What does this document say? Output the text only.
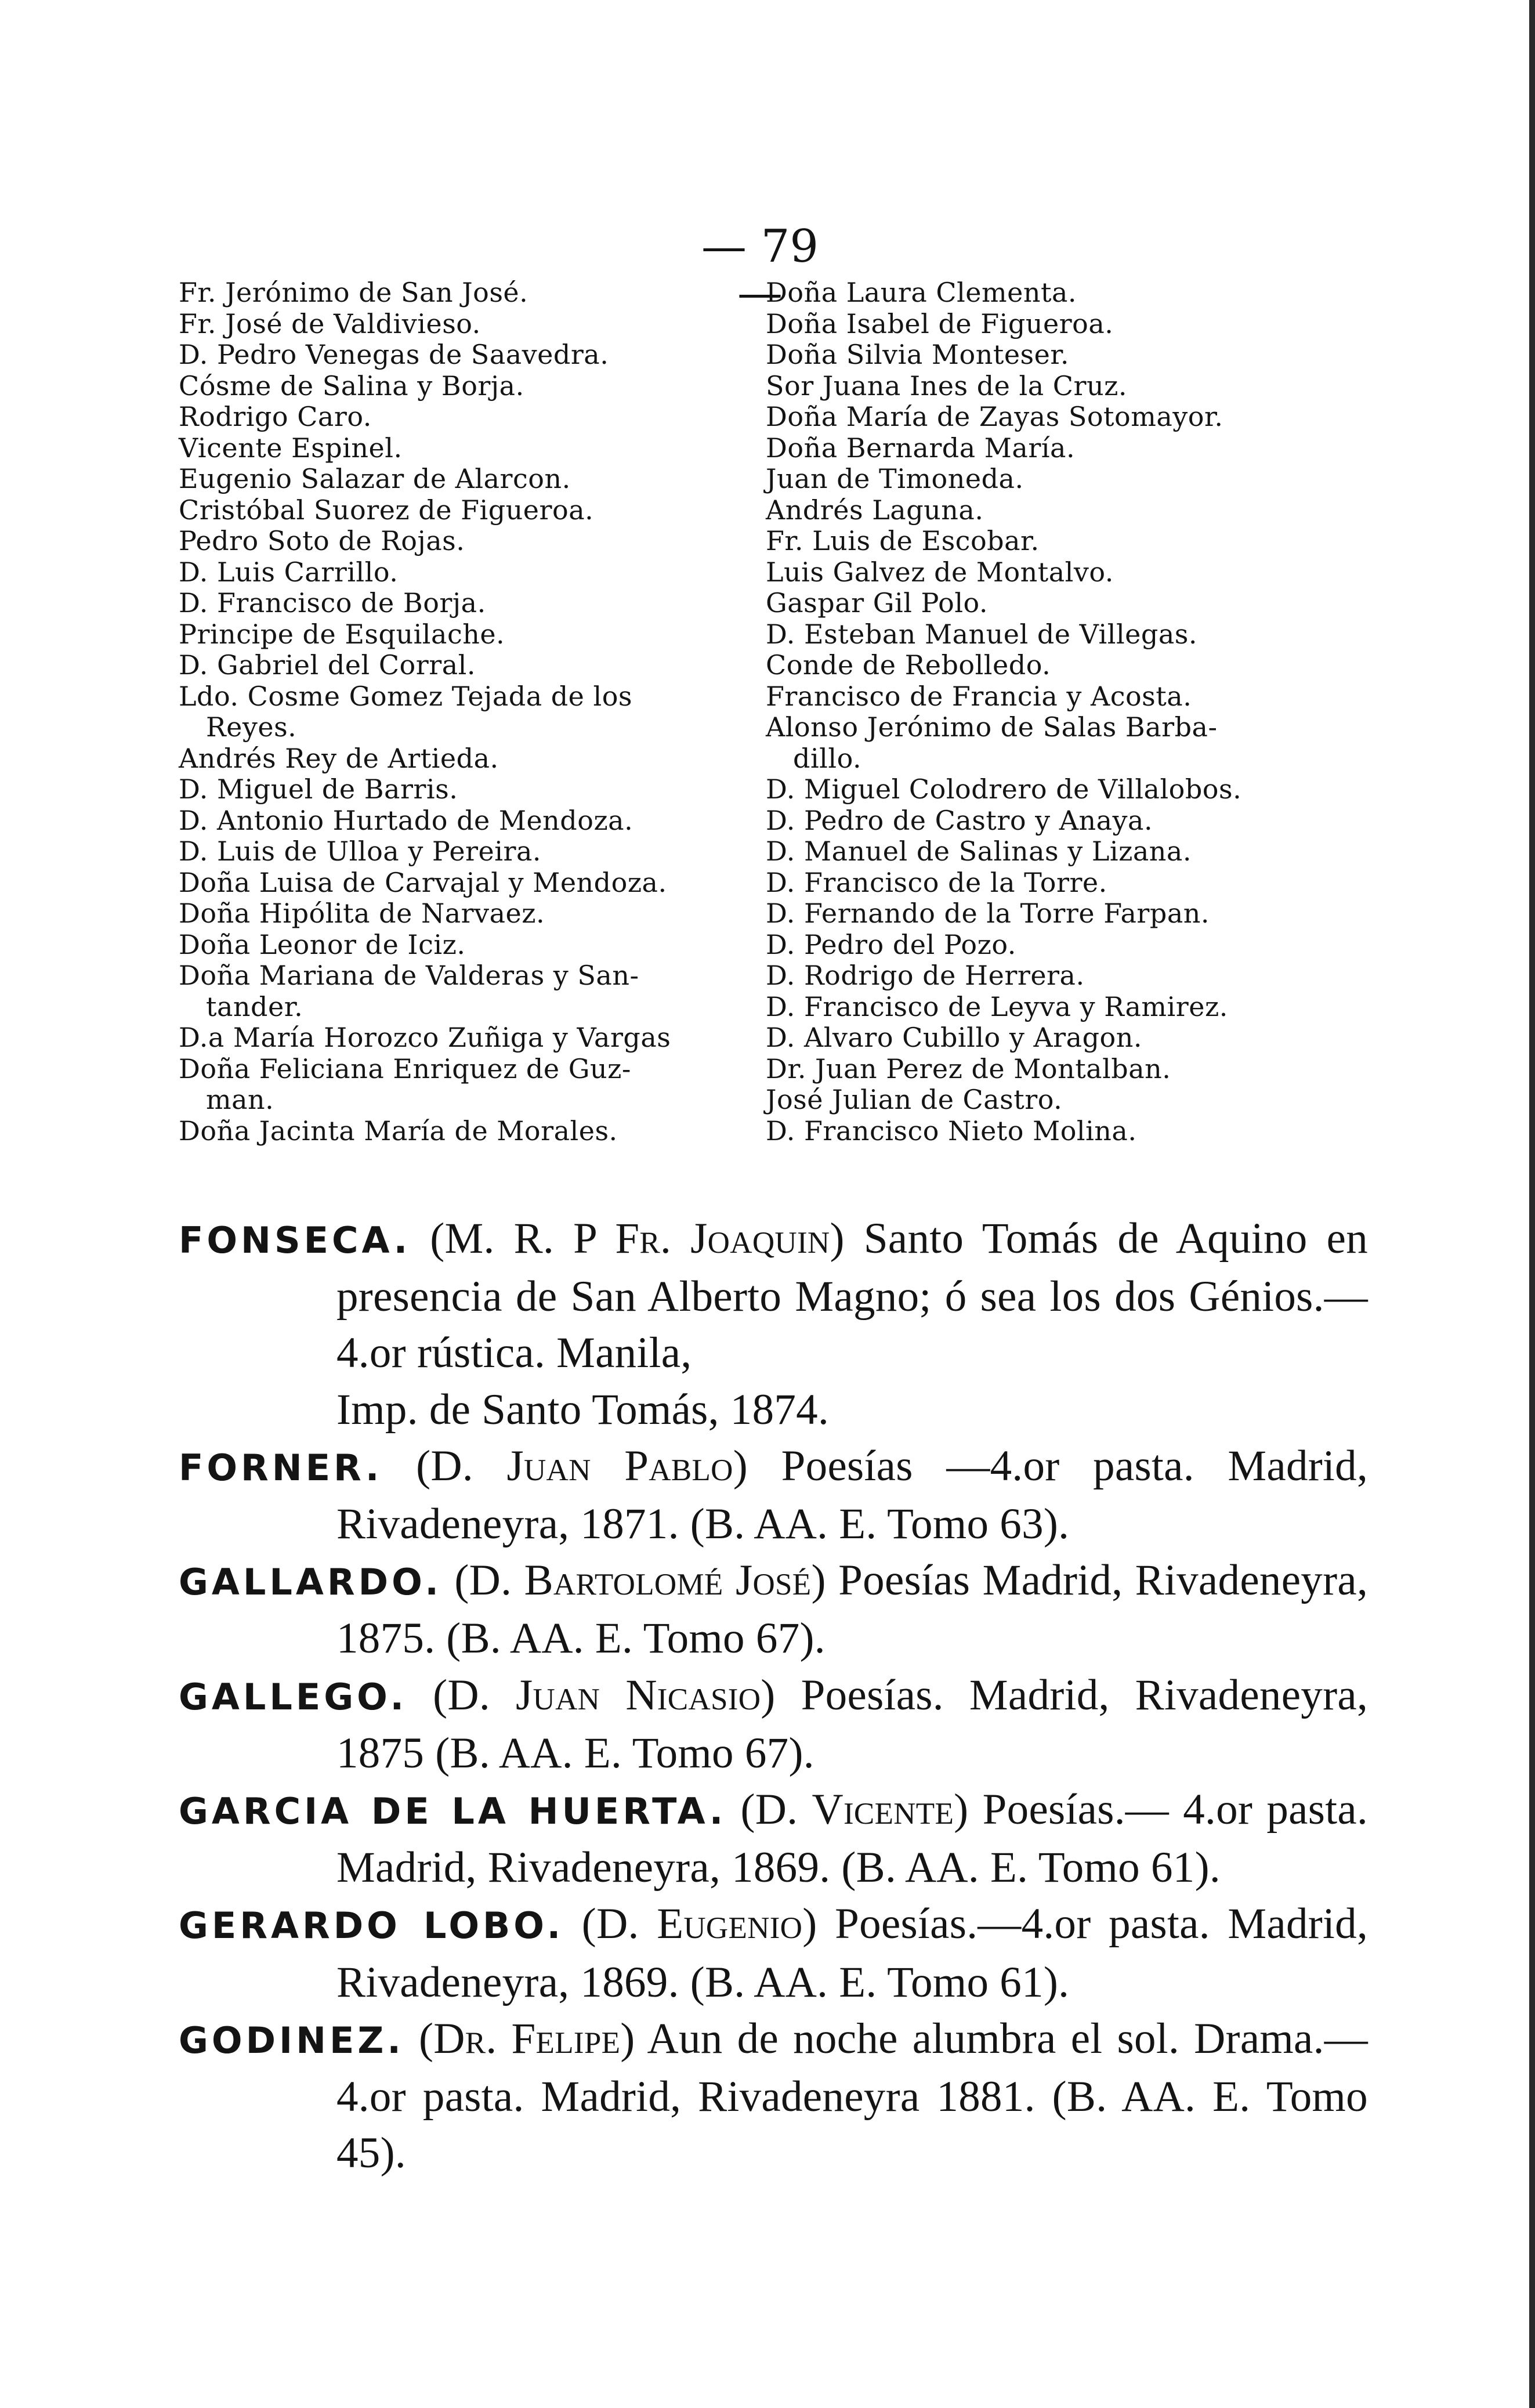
— 79 —
Fr. Jerónimo de San José.
Fr. José de Valdivieso.
D. Pedro Venegas de Saavedra.
Cósme de Salina y Borja.
Rodrigo Caro.
Vicente Espinel.
Eugenio Salazar de Alarcon.
Cristóbal Suorez de Figueroa.
Pedro Soto de Rojas.
D. Luis Carrillo.
D. Francisco de Borja.
Principe de Esquilache.
D. Gabriel del Corral.
Ldo. Cosme Gomez Tejada de los
Reyes.
Andrés Rey de Artieda.
D. Miguel de Barris.
D. Antonio Hurtado de Mendoza.
D. Luis de Ulloa y Pereira.
Doña Luisa de Carvajal y Mendoza.
Doña Hipólita de Narvaez.
Doña Leonor de Iciz.
Doña Mariana de Valderas y San-
tander.
D.a María Horozco Zuñiga y Vargas
Doña Feliciana Enriquez de Guz-
man.
Doña Jacinta María de Morales.
Doña Laura Clementa.
Doña Isabel de Figueroa.
Doña Silvia Monteser.
Sor Juana Ines de la Cruz.
Doña María de Zayas Sotomayor.
Doña Bernarda María.
Juan de Timoneda.
Andrés Laguna.
Fr. Luis de Escobar.
Luis Galvez de Montalvo.
Gaspar Gil Polo.
D. Esteban Manuel de Villegas.
Conde de Rebolledo.
Francisco de Francia y Acosta.
Alonso Jerónimo de Salas Barba-
dillo.
D. Miguel Colodrero de Villalobos.
D. Pedro de Castro y Anaya.
D. Manuel de Salinas y Lizana.
D. Francisco de la Torre.
D. Fernando de la Torre Farpan.
D. Pedro del Pozo.
D. Rodrigo de Herrera.
D. Francisco de Leyva y Ramirez.
D. Alvaro Cubillo y Aragon.
Dr. Juan Perez de Montalban.
José Julian de Castro.
D. Francisco Nieto Molina.
FONSECA. (M. R. P Fr. Joaquin) Santo Tomás de Aquino en presencia de San Alberto Magno; ó sea los dos Génios.—4.or rústica. Manila,
Imp. de Santo Tomás, 1874.
FORNER. (D. Juan Pablo) Poesías —4.or pasta. Madrid, Rivadeneyra, 1871. (B. AA. E. Tomo 63).
GALLARDO. (D. Bartolomé José) Poesías Madrid, Rivadeneyra, 1875. (B. AA. E. Tomo 67).
GALLEGO. (D. Juan Nicasio) Poesías. Madrid, Rivadeneyra, 1875 (B. AA. E. Tomo 67).
GARCIA DE LA HUERTA. (D. Vicente) Poesías.— 4.or pasta. Madrid, Rivadeneyra, 1869. (B. AA. E. Tomo 61).
GERARDO LOBO. (D. Eugenio) Poesías.—4.or pasta. Madrid, Rivadeneyra, 1869. (B. AA. E. Tomo 61).
GODINEZ. (Dr. Felipe) Aun de noche alumbra el sol. Drama.—4.or pasta. Madrid, Rivadeneyra 1881. (B. AA. E. Tomo 45).
